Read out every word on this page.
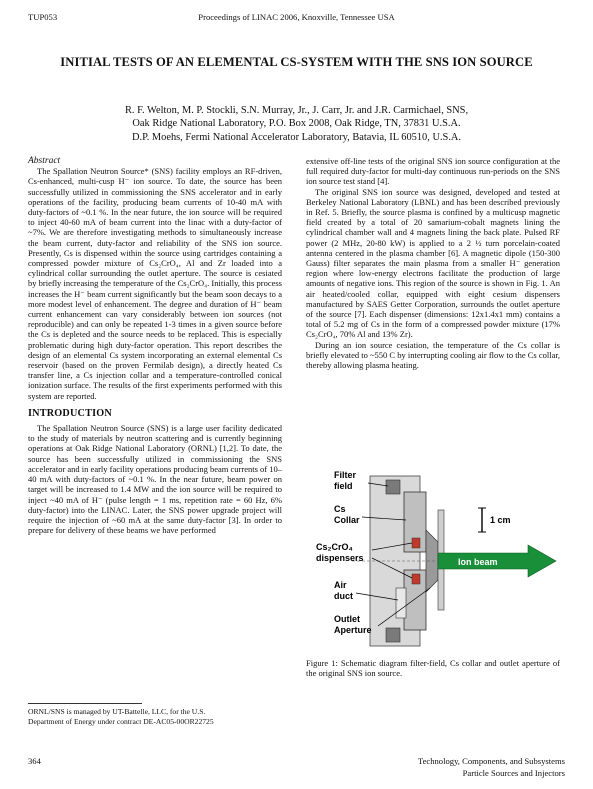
TUP053	Proceedings of LINAC 2006, Knoxville, Tennessee USA
INITIAL TESTS OF AN ELEMENTAL CS-SYSTEM WITH THE SNS ION SOURCE
R. F. Welton, M. P. Stockli, S.N. Murray, Jr., J. Carr, Jr. and J.R. Carmichael, SNS,
Oak Ridge National Laboratory, P.O. Box 2008, Oak Ridge, TN, 37831 U.S.A.
D.P. Moehs, Fermi National Accelerator Laboratory, Batavia, IL 60510, U.S.A.
Abstract

The Spallation Neutron Source* (SNS) facility employs an RF-driven, Cs-enhanced, multi-cusp H⁻ ion source. To date, the source has been successfully utilized in commissioning the SNS accelerator and in early operations of the facility, producing beam currents of 10-40 mA with duty-factors of ~0.1 %. In the near future, the ion source will be required to inject 40-60 mA of beam current into the linac with a duty-factor of ~7%. We are therefore investigating methods to simultaneously increase the beam current, duty-factor and reliability of the SNS ion source. Presently, Cs is dispensed within the source using cartridges containing a compressed powder mixture of Cs₂CrO₄, Al and Zr loaded into a cylindrical collar surrounding the outlet aperture. The source is cesiated by briefly increasing the temperature of the Cs₂CrO₄. Initially, this process increases the H⁻ beam current significantly but the beam soon decays to a more modest level of enhancement. The degree and duration of H⁻ beam current enhancement can vary considerably between ion sources (not reproducible) and can only be repeated 1-3 times in a given source before the Cs is depleted and the source needs to be replaced. This is especially problematic during high duty-factor operation. This report describes the design of an elemental Cs system incorporating an external elemental Cs reservoir (based on the proven Fermilab design), a directly heated Cs transfer line, a Cs injection collar and a temperature-controlled conical ionization surface. The results of the first experiments performed with this system are reported.

INTRODUCTION

The Spallation Neutron Source (SNS) is a large user facility dedicated to the study of materials by neutron scattering and is currently beginning operations at Oak Ridge National Laboratory (ORNL) [1,2]. To date, the source has been successfully utilized in commissioning the SNS accelerator and in early facility operations producing beam currents of 10–40 mA with duty-factors of ~0.1 %. In the near future, beam power on target will be increased to 1.4 MW and the ion source will be required to inject ~40 mA of H⁻ (pulse length = 1 ms, repetition rate = 60 Hz, 6% duty-factor) into the LINAC. Later, the SNS power upgrade project will require the injection of ~60 mA at the same duty-factor [3]. In order to prepare for delivery of these beams we have performed

extensive off-line tests of the original SNS ion source configuration at the full required duty-factor for multi-day continuous run-periods on the SNS ion source test stand [4].

The original SNS ion source was designed, developed and tested at Berkeley National Laboratory (LBNL) and has been described previously in Ref. 5. Briefly, the source plasma is confined by a multicusp magnetic field created by a total of 20 samarium-cobalt magnets lining the cylindrical chamber wall and 4 magnets lining the back plate. Pulsed RF power (2 MHz, 20-80 kW) is applied to a 2 ½ turn porcelain-coated antenna centered in the plasma chamber [6]. A magnetic dipole (150-300 Gauss) filter separates the main plasma from a smaller H⁻ generation region where low-energy electrons facilitate the production of large amounts of negative ions. This region of the source is shown in Fig. 1. An air heated/cooled collar, equipped with eight cesium dispensers manufactured by SAES Getter Corporation, surrounds the outlet aperture of the source [7]. Each dispenser (dimensions: 12x1.4x1 mm) contains a total of 5.2 mg of Cs in the form of a compressed powder mixture (17% Cs₂CrO₄, 70% Al and 13% Zr).

During an ion source cesiation, the temperature of the Cs collar is briefly elevated to ~550 C by interrupting cooling air flow to the Cs collar, thereby allowing plasma heating.

Ion beam
1 cm
Filter
field
Cs
Collar
Cs₂CrO₄
dispensers
Air
duct
Outlet
Aperture
Figure 1: Schematic diagram filter-field, Cs collar and outlet aperture of the original SNS ion source.
ORNL/SNS is managed by UT-Battelle, LLC, for the U.S.
Department of Energy under contract DE-AC05-00OR22725
364	Technology, Components, and Subsystems
Particle Sources and Injectors
